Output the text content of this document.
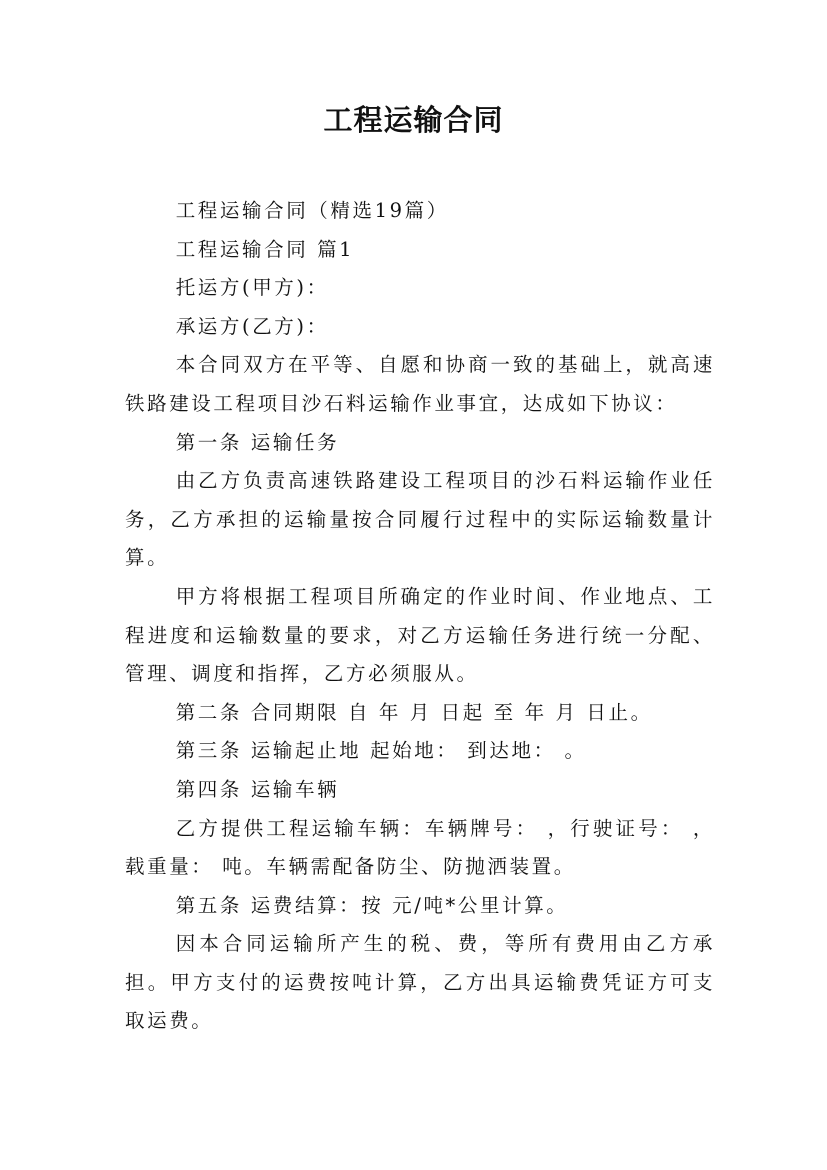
工程运输合同

工程运输合同（精选19篇）

工程运输合同 篇1

托运方(甲方)：

承运方(乙方)：

本合同双方在平等、自愿和协商一致的基础上，就高速铁路建设工程项目沙石料运输作业事宜，达成如下协议：

第一条 运输任务

由乙方负责高速铁路建设工程项目的沙石料运输作业任务，乙方承担的运输量按合同履行过程中的实际运输数量计算。

甲方将根据工程项目所确定的作业时间、作业地点、工程进度和运输数量的要求，对乙方运输任务进行统一分配、管理、调度和指挥，乙方必须服从。

第二条 合同期限 自 年 月 日起 至 年 月 日止。

第三条 运输起止地 起始地： 到达地： 。

第四条 运输车辆

乙方提供工程运输车辆：车辆牌号： ，行驶证号： ，载重量： 吨。车辆需配备防尘、防抛洒装置。

第五条 运费结算：按 元/吨*公里计算。

因本合同运输所产生的税、费，等所有费用由乙方承担。甲方支付的运费按吨计算，乙方出具运输费凭证方可支取运费。
